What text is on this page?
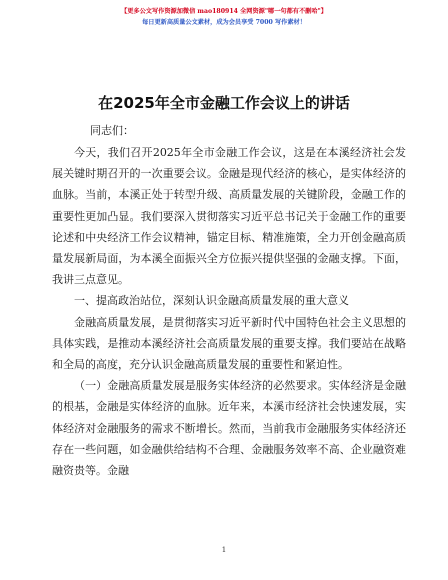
【更多公文写作资源加微信 mao180914 全网资源"哪一句都有不删哈"】
每日更新高质量公文素材，成为会员享受 7000 写作素材！
在2025年全市金融工作会议上的讲话
同志们：

今天，我们召开2025年全市金融工作会议，这是在本溪经济社会发展关键时期召开的一次重要会议。金融是现代经济的核心，是实体经济的血脉。当前，本溪正处于转型升级、高质量发展的关键阶段，金融工作的重要性更加凸显。我们要深入贯彻落实习近平总书记关于金融工作的重要论述和中央经济工作会议精神，锚定目标、精准施策，全力开创金融高质量发展新局面，为本溪全面振兴全方位振兴提供坚强的金融支撑。下面，我讲三点意见。

一、提高政治站位，深刻认识金融高质量发展的重大意义

金融高质量发展，是贯彻落实习近平新时代中国特色社会主义思想的具体实践，是推动本溪经济社会高质量发展的重要支撑。我们要站在战略和全局的高度，充分认识金融高质量发展的重要性和紧迫性。

（一）金融高质量发展是服务实体经济的必然要求。实体经济是金融的根基，金融是实体经济的血脉。近年来，本溪市经济社会快速发展，实体经济对金融服务的需求不断增长。然而，当前我市金融服务实体经济还存在一些问题，如金融供给结构不合理、金融服务效率不高、企业融资难融资贵等。金融

1
